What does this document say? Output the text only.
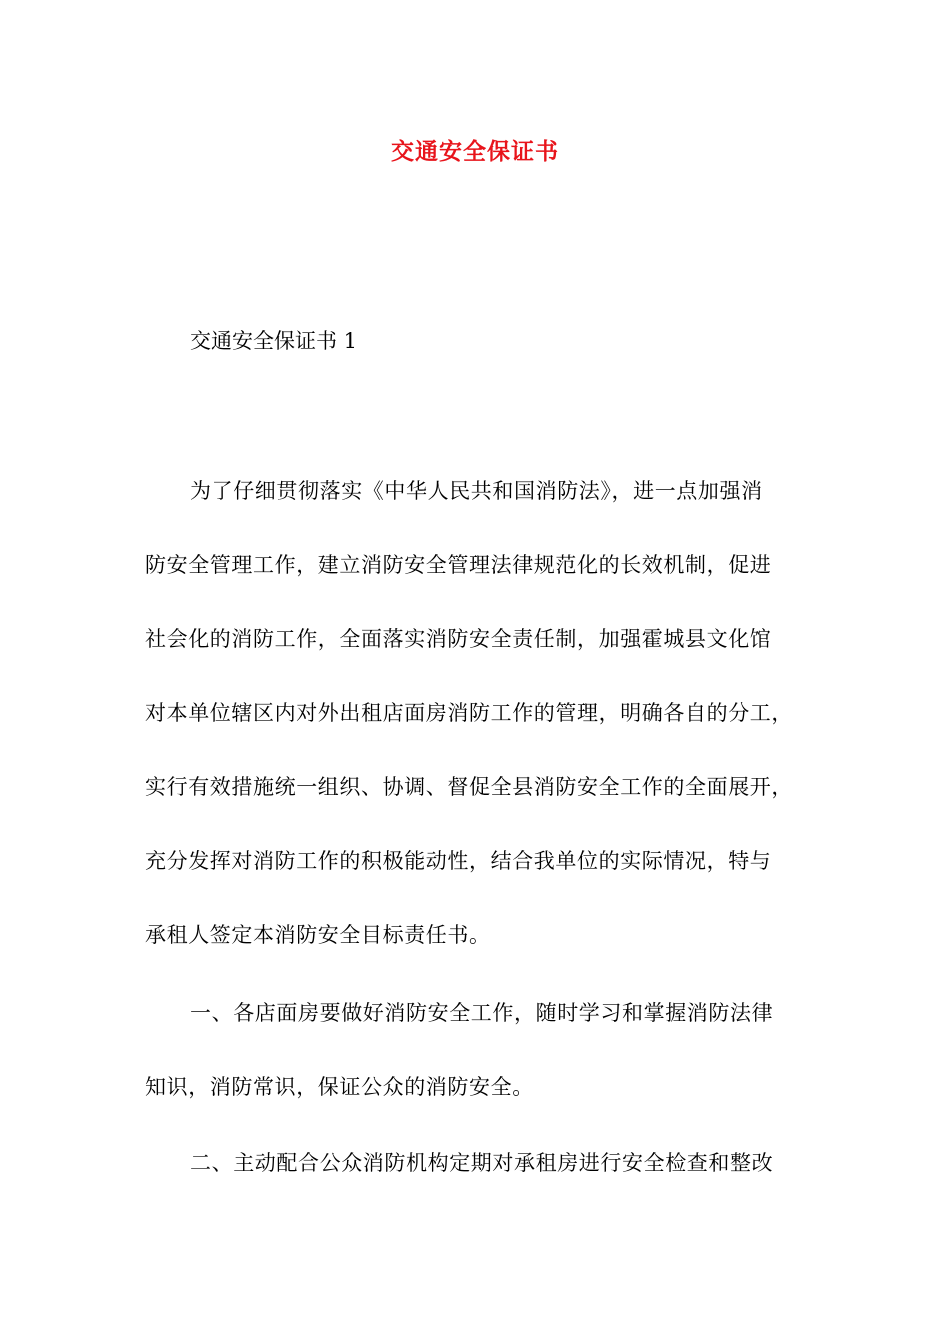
交通安全保证书
交通安全保证书 1
为了仔细贯彻落实《中华人民共和国消防法》，进一点加强消
防安全管理工作，建立消防安全管理法律规范化的长效机制，促进
社会化的消防工作，全面落实消防安全责任制，加强霍城县文化馆
对本单位辖区内对外出租店面房消防工作的管理，明确各自的分工，
实行有效措施统一组织、协调、督促全县消防安全工作的全面展开，
充分发挥对消防工作的积极能动性，结合我单位的实际情况，特与
承租人签定本消防安全目标责任书。
一、各店面房要做好消防安全工作，随时学习和掌握消防法律
知识，消防常识，保证公众的消防安全。
二、主动配合公众消防机构定期对承租房进行安全检查和整改
